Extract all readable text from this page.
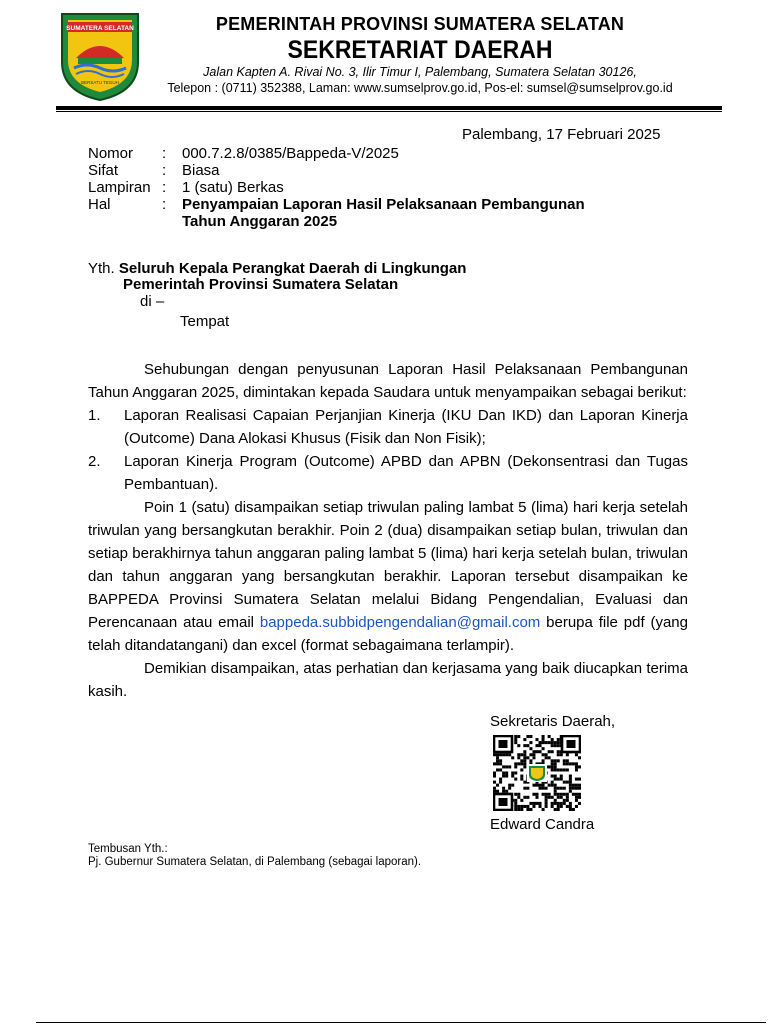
SUMATERA SELATAN
BERSATU TEGUH
PEMERINTAH PROVINSI SUMATERA SELATAN
SEKRETARIAT DAERAH
Jalan Kapten A. Rivai No. 3, Ilir Timur I, Palembang, Sumatera Selatan 30126,
Telepon : (0711) 352388, Laman: www.sumselprov.go.id, Pos-el: sumsel@sumselprov.go.id
Palembang, 17 Februari 2025
Nomor	:	000.7.2.8/0385/Bappeda-V/2025
Sifat	:	Biasa
Lampiran :	1 (satu) Berkas
Hal	:	Penyampaian Laporan Hasil Pelaksanaan Pembangunan
Tahun Anggaran 2025
Yth. Seluruh Kepala Perangkat Daerah di Lingkungan
Pemerintah Provinsi Sumatera Selatan
di –
Tempat

Sehubungan dengan penyusunan Laporan Hasil Pelaksanaan Pembangunan Tahun Anggaran 2025, dimintakan kepada Saudara untuk menyampaikan sebagai berikut:

1.	Laporan Realisasi Capaian Perjanjian Kinerja (IKU Dan IKD) dan Laporan Kinerja (Outcome) Dana Alokasi Khusus (Fisik dan Non Fisik);
2.	Laporan Kinerja Program (Outcome) APBD dan APBN (Dekonsentrasi dan Tugas Pembantuan).

Poin 1 (satu) disampaikan setiap triwulan paling lambat 5 (lima) hari kerja setelah triwulan yang bersangkutan berakhir. Poin 2 (dua) disampaikan setiap bulan, triwulan dan setiap berakhirnya tahun anggaran paling lambat 5 (lima) hari kerja setelah bulan, triwulan dan tahun anggaran yang bersangkutan berakhir. Laporan tersebut disampaikan ke BAPPEDA Provinsi Sumatera Selatan melalui Bidang Pengendalian, Evaluasi dan Perencanaan atau email bappeda.subbidpengendalian@gmail.com berupa file pdf (yang telah ditandatangani) dan excel (format sebagaimana terlampir).

Demikian disampaikan, atas perhatian dan kerjasama yang baik diucapkan terima kasih.

Sekretaris Daerah,
Edward Candra
Tembusan Yth.:
Pj. Gubernur Sumatera Selatan, di Palembang (sebagai laporan).
